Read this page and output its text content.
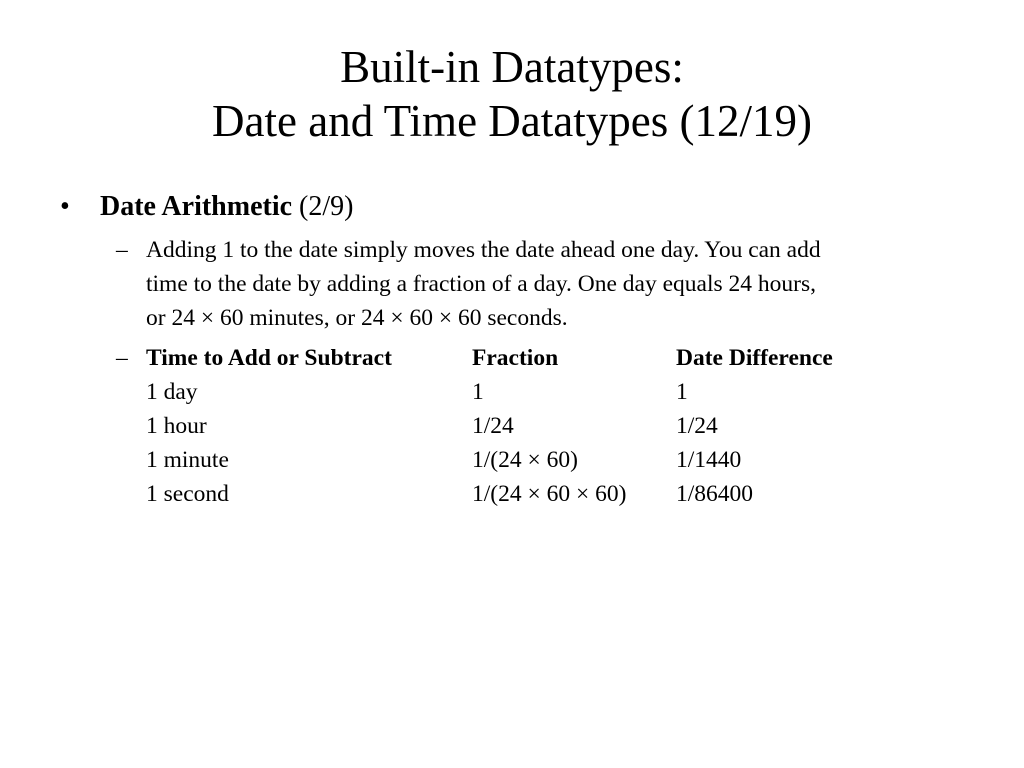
Built-in Datatypes:
Date and Time Datatypes (12/19)
• Date Arithmetic (2/9)
– Adding 1 to the date simply moves the date ahead one day. You can add
time to the date by adding a fraction of a day. One day equals 24 hours,
or 24 × 60 minutes, or 24 × 60 × 60 seconds.
– Time to Add or Subtract	Fraction	Date Difference
1 day	1	1
1 hour	1/24	1/24
1 minute	1/(24 × 60)	1/1440
1 second	1/(24 × 60 × 60)	1/86400
